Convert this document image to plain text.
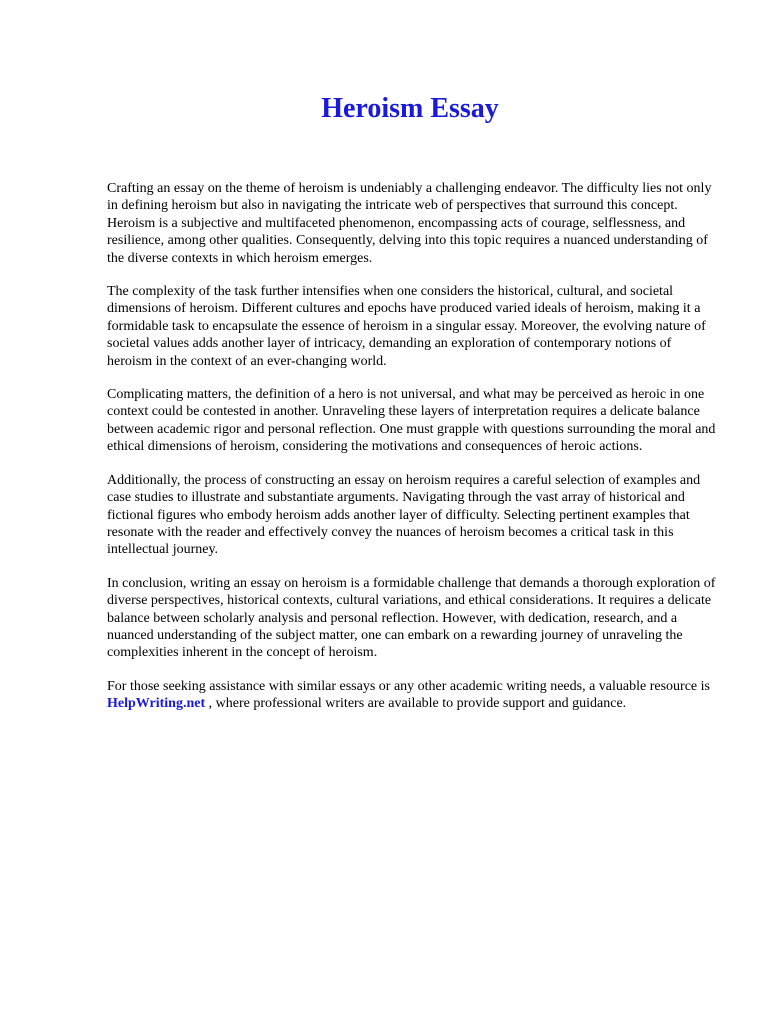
Heroism Essay

Crafting an essay on the theme of heroism is undeniably a challenging endeavor. The difficulty lies not only in defining heroism but also in navigating the intricate web of perspectives that surround this concept. Heroism is a subjective and multifaceted phenomenon, encompassing acts of courage, selflessness, and resilience, among other qualities. Consequently, delving into this topic requires a nuanced understanding of the diverse contexts in which heroism emerges.

The complexity of the task further intensifies when one considers the historical, cultural, and societal dimensions of heroism. Different cultures and epochs have produced varied ideals of heroism, making it a formidable task to encapsulate the essence of heroism in a singular essay. Moreover, the evolving nature of societal values adds another layer of intricacy, demanding an exploration of contemporary notions of heroism in the context of an ever-changing world.

Complicating matters, the definition of a hero is not universal, and what may be perceived as heroic in one context could be contested in another. Unraveling these layers of interpretation requires a delicate balance between academic rigor and personal reflection. One must grapple with questions surrounding the moral and ethical dimensions of heroism, considering the motivations and consequences of heroic actions.

Additionally, the process of constructing an essay on heroism requires a careful selection of examples and case studies to illustrate and substantiate arguments. Navigating through the vast array of historical and fictional figures who embody heroism adds another layer of difficulty. Selecting pertinent examples that resonate with the reader and effectively convey the nuances of heroism becomes a critical task in this intellectual journey.

In conclusion, writing an essay on heroism is a formidable challenge that demands a thorough exploration of diverse perspectives, historical contexts, cultural variations, and ethical considerations. It requires a delicate balance between scholarly analysis and personal reflection. However, with dedication, research, and a nuanced understanding of the subject matter, one can embark on a rewarding journey of unraveling the complexities inherent in the concept of heroism.

For those seeking assistance with similar essays or any other academic writing needs, a valuable resource is HelpWriting.net , where professional writers are available to provide support and guidance.
